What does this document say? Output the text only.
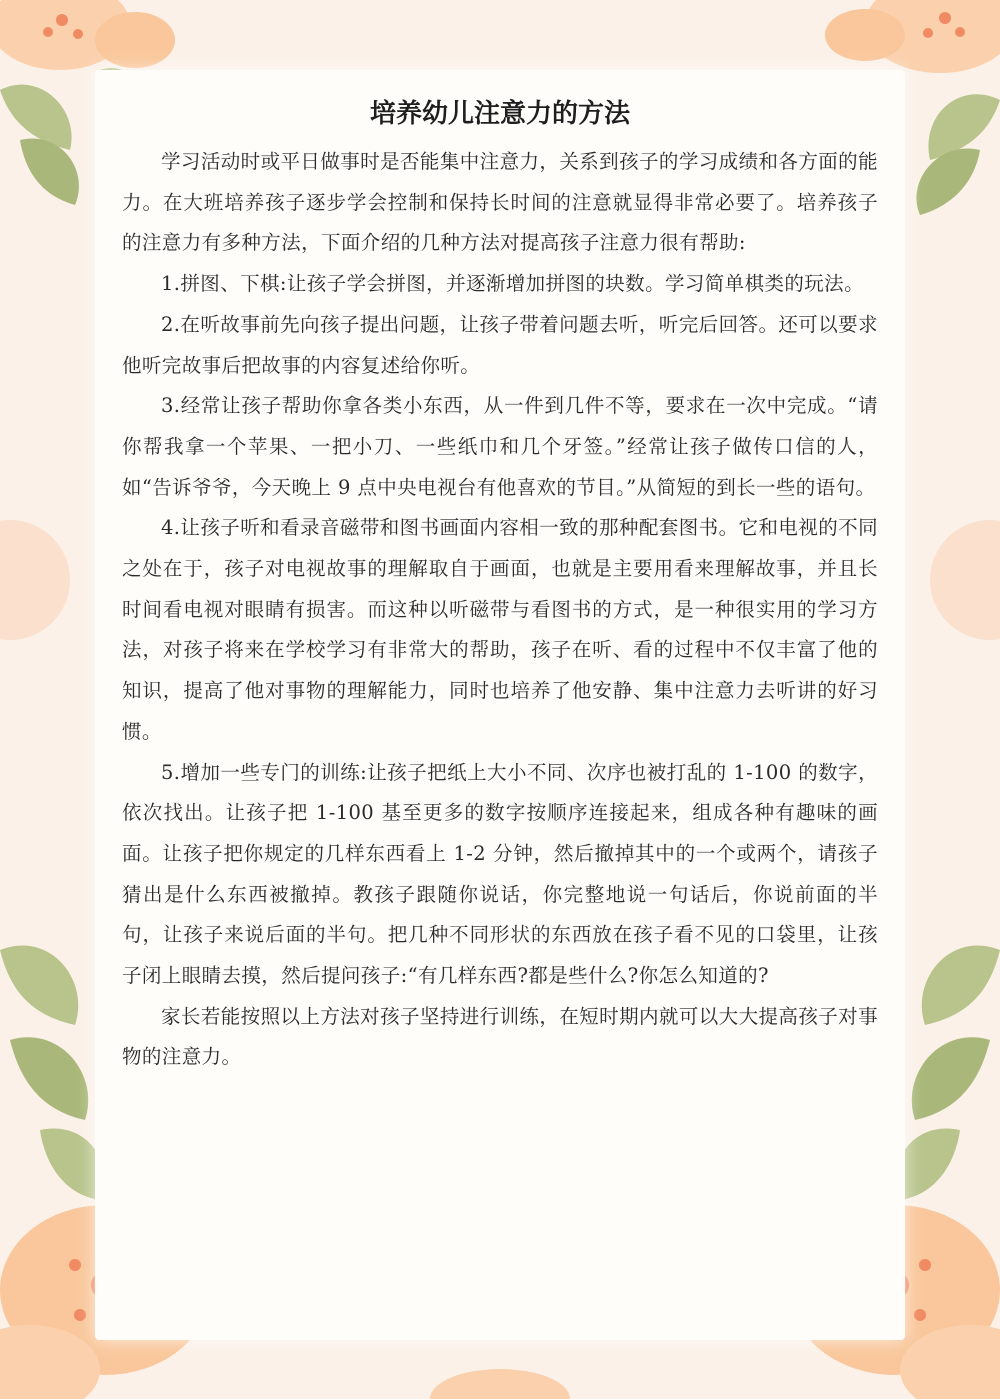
培养幼儿注意力的方法

学习活动时或平日做事时是否能集中注意力，关系到孩子的学习成绩和各方面的能力。在大班培养孩子逐步学会控制和保持长时间的注意就显得非常必要了。培养孩子的注意力有多种方法，下面介绍的几种方法对提高孩子注意力很有帮助:

1.拼图、下棋:让孩子学会拼图，并逐渐增加拼图的块数。学习简单棋类的玩法。

2.在听故事前先向孩子提出问题，让孩子带着问题去听，听完后回答。还可以要求他听完故事后把故事的内容复述给你听。

3.经常让孩子帮助你拿各类小东西，从一件到几件不等，要求在一次中完成。“请你帮我拿一个苹果、一把小刀、一些纸巾和几个牙签。”经常让孩子做传口信的人，如“告诉爷爷，今天晚上 9 点中央电视台有他喜欢的节目。”从简短的到长一些的语句。

4.让孩子听和看录音磁带和图书画面内容相一致的那种配套图书。它和电视的不同之处在于，孩子对电视故事的理解取自于画面，也就是主要用看来理解故事，并且长时间看电视对眼睛有损害。而这种以听磁带与看图书的方式，是一种很实用的学习方法，对孩子将来在学校学习有非常大的帮助，孩子在听、看的过程中不仅丰富了他的知识，提高了他对事物的理解能力，同时也培养了他安静、集中注意力去听讲的好习惯。

5.增加一些专门的训练:让孩子把纸上大小不同、次序也被打乱的 1-100 的数字，依次找出。让孩子把 1-100 基至更多的数字按顺序连接起来，组成各种有趣味的画面。让孩子把你规定的几样东西看上 1-2 分钟，然后撤掉其中的一个或两个，请孩子猜出是什么东西被撤掉。教孩子跟随你说话，你完整地说一句话后，你说前面的半句，让孩子来说后面的半句。把几种不同形状的东西放在孩子看不见的口袋里，让孩子闭上眼睛去摸，然后提问孩子:“有几样东西?都是些什么?你怎么知道的?

家长若能按照以上方法对孩子坚持进行训练，在短时期内就可以大大提高孩子对事物的注意力。
